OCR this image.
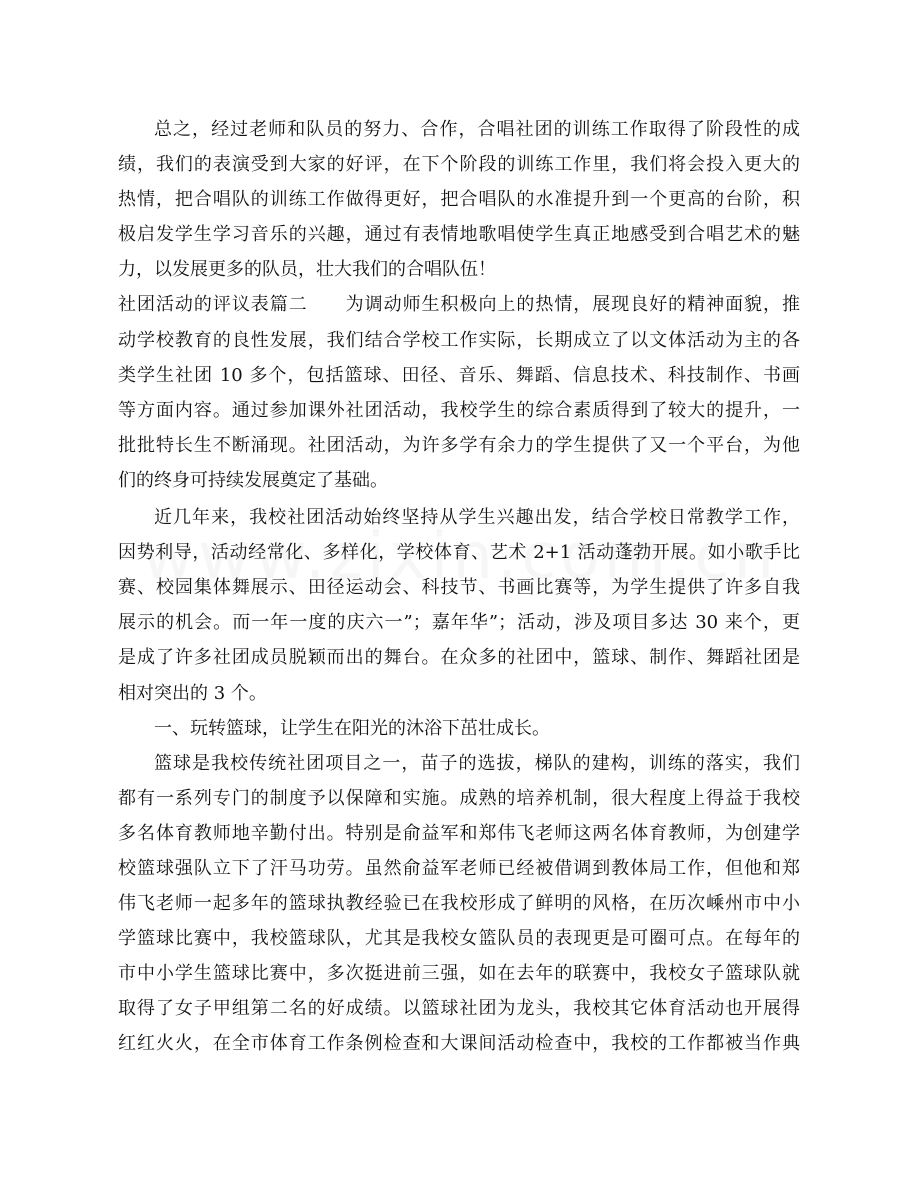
总之，经过老师和队员的努力、合作，合唱社团的训练工作取得了阶段性的成
绩，我们的表演受到大家的好评，在下个阶段的训练工作里，我们将会投入更大的
热情，把合唱队的训练工作做得更好，把合唱队的水准提升到一个更高的台阶，积
极启发学生学习音乐的兴趣，通过有表情地歌唱使学生真正地感受到合唱艺术的魅
力，以发展更多的队员，壮大我们的合唱队伍！
社团活动的评议表篇二　　为调动师生积极向上的热情，展现良好的精神面貌，推
动学校教育的良性发展，我们结合学校工作实际，长期成立了以文体活动为主的各
类学生社团 10 多个，包括篮球、田径、音乐、舞蹈、信息技术、科技制作、书画
等方面内容。通过参加课外社团活动，我校学生的综合素质得到了较大的提升，一
批批特长生不断涌现。社团活动，为许多学有余力的学生提供了又一个平台，为他
们的终身可持续发展奠定了基础。
近几年来，我校社团活动始终坚持从学生兴趣出发，结合学校日常教学工作，
因势利导，活动经常化、多样化，学校体育、艺术 2+1 活动蓬勃开展。如小歌手比
赛、校园集体舞展示、田径运动会、科技节、书画比赛等，为学生提供了许多自我
展示的机会。而一年一度的庆六一”；嘉年华”；活动，涉及项目多达 30 来个，更
是成了许多社团成员脱颖而出的舞台。在众多的社团中，篮球、制作、舞蹈社团是
相对突出的 3 个。
一、玩转篮球，让学生在阳光的沐浴下茁壮成长。
篮球是我校传统社团项目之一，苗子的选拔，梯队的建构，训练的落实，我们
都有一系列专门的制度予以保障和实施。成熟的培养机制，很大程度上得益于我校
多名体育教师地辛勤付出。特别是俞益军和郑伟飞老师这两名体育教师，为创建学
校篮球强队立下了汗马功劳。虽然俞益军老师已经被借调到教体局工作，但他和郑
伟飞老师一起多年的篮球执教经验已在我校形成了鲜明的风格，在历次嵊州市中小
学篮球比赛中，我校篮球队，尤其是我校女篮队员的表现更是可圈可点。在每年的
市中小学生篮球比赛中，多次挺进前三强，如在去年的联赛中，我校女子篮球队就
取得了女子甲组第二名的好成绩。以篮球社团为龙头，我校其它体育活动也开展得
红红火火，在全市体育工作条例检查和大课间活动检查中，我校的工作都被当作典
